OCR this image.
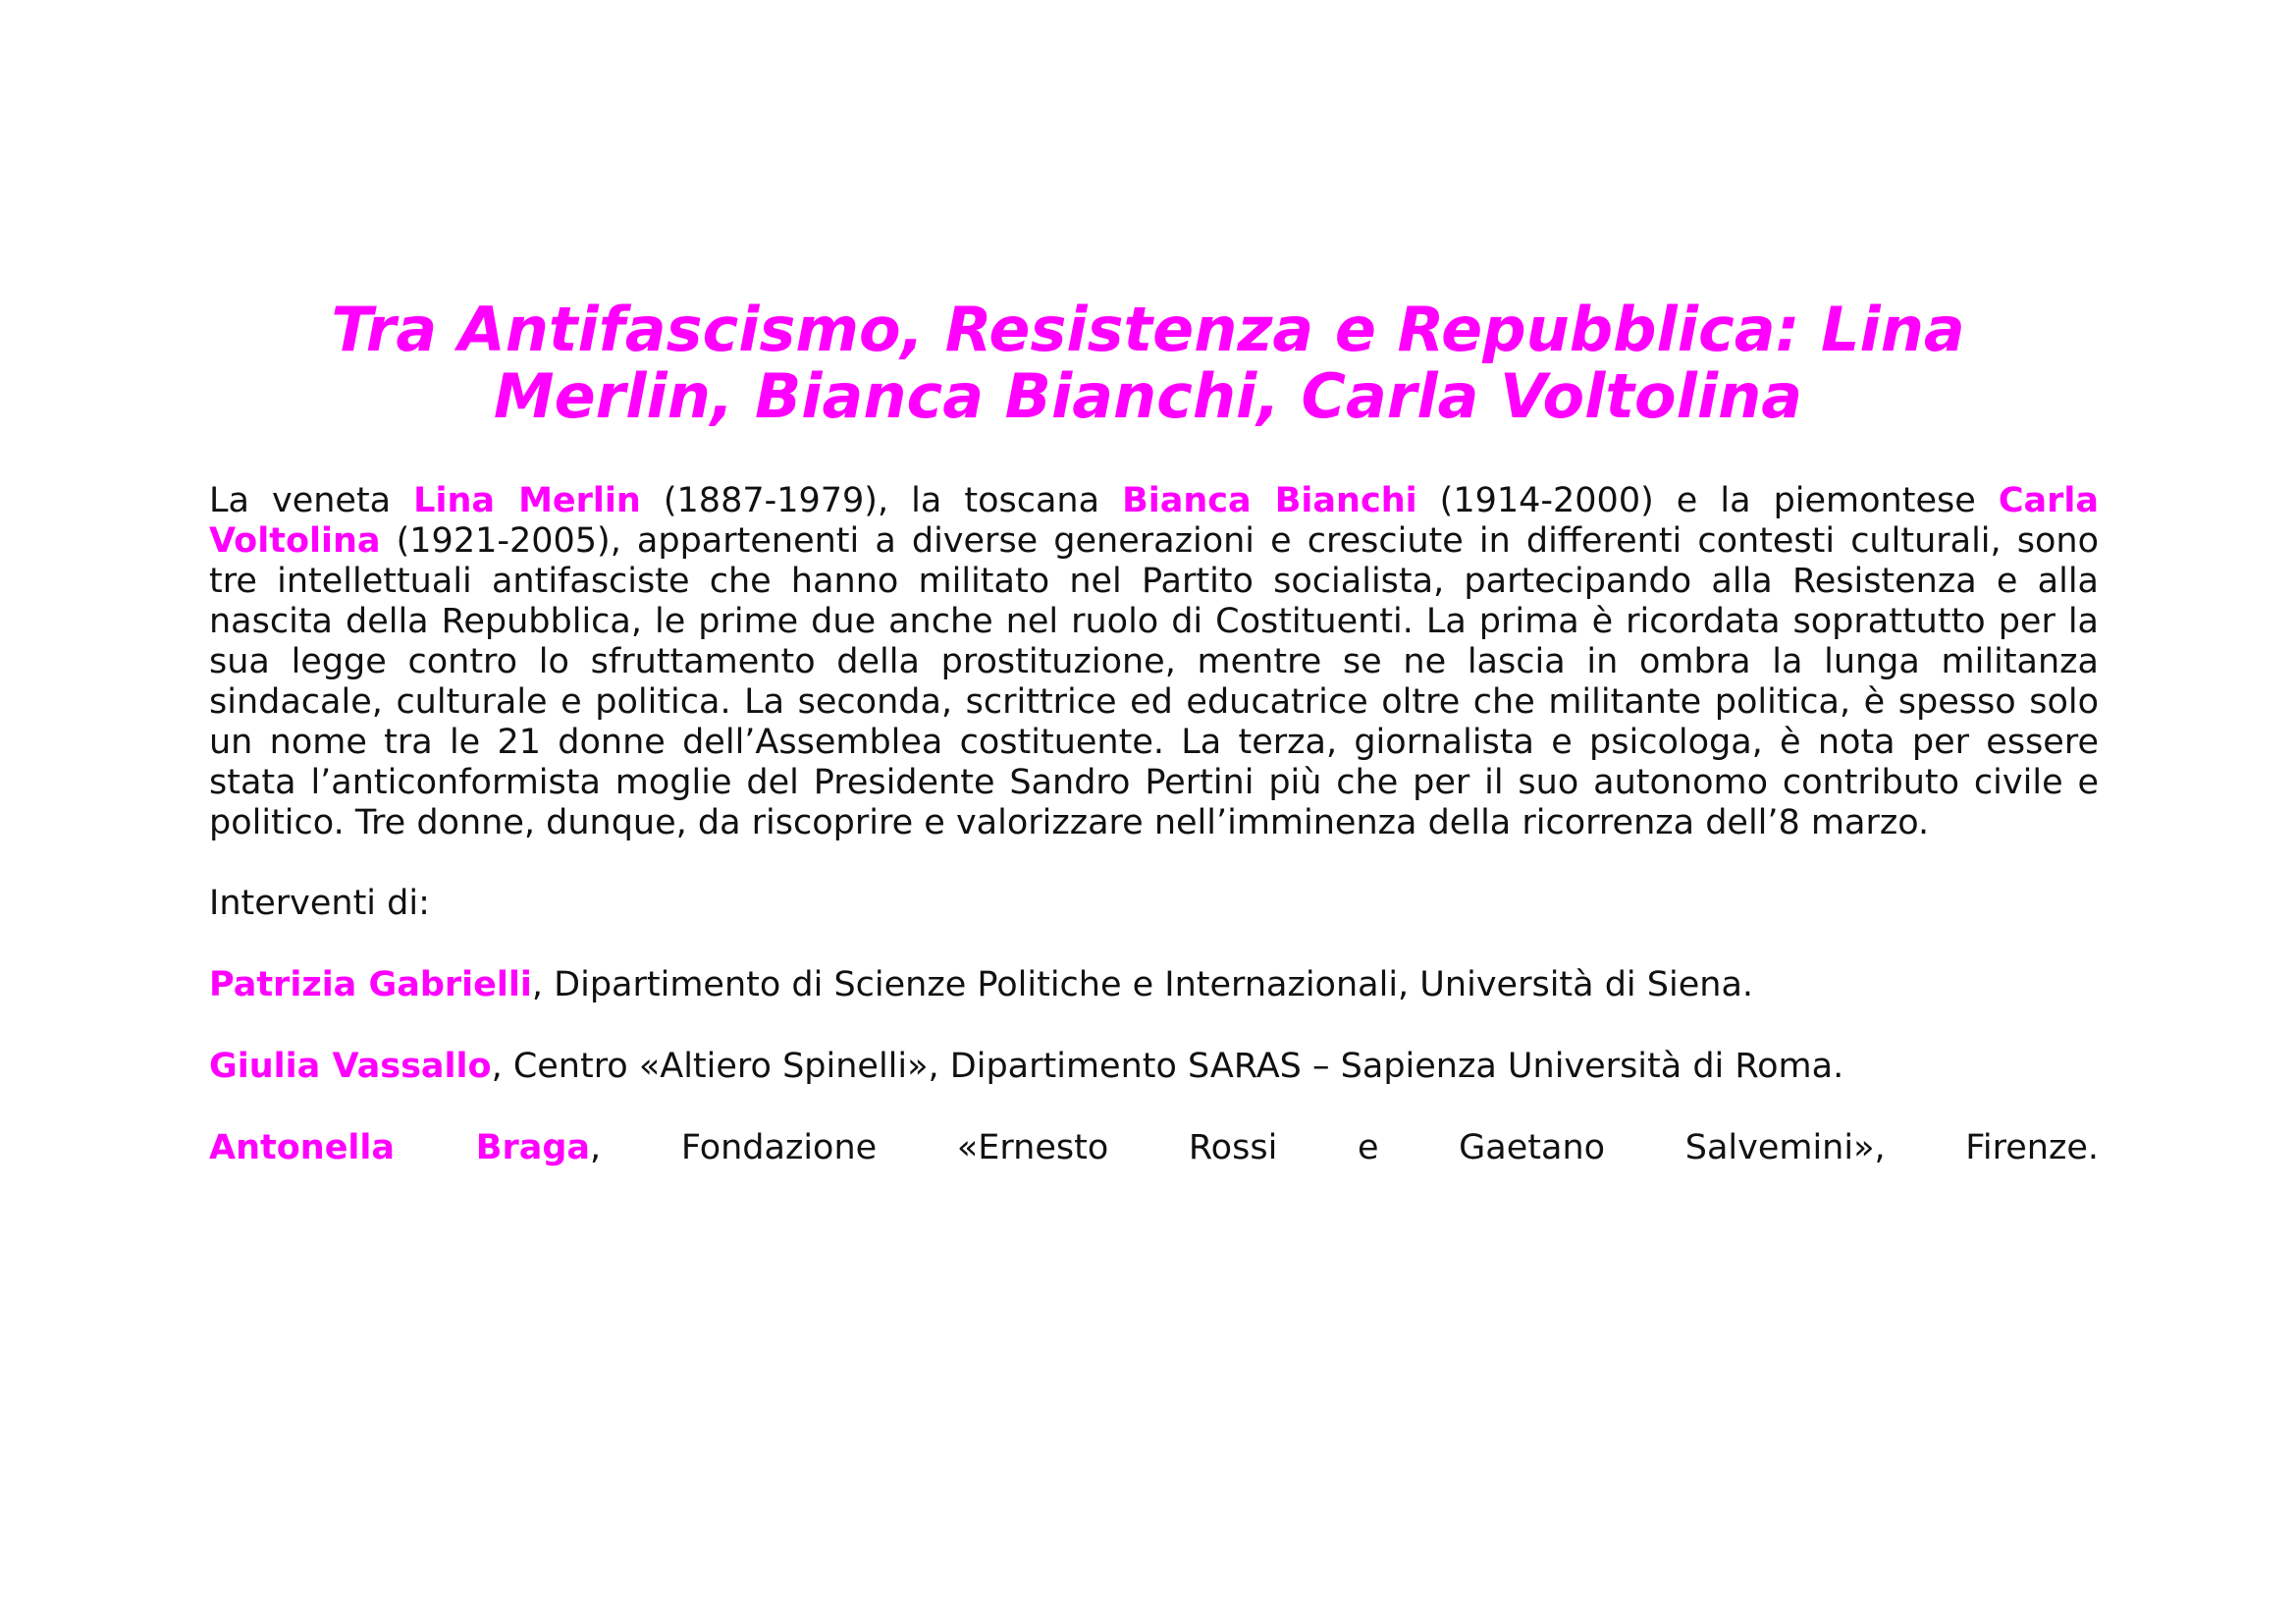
Tra Antifascismo, Resistenza e Repubblica: Lina
Merlin, Bianca Bianchi, Carla Voltolina

La veneta Lina Merlin (1887-1979), la toscana Bianca Bianchi (1914-2000) e la piemontese Carla Voltolina (1921-2005), appartenenti a diverse generazioni e cresciute in differenti contesti culturali, sono tre intellettuali antifasciste che hanno militato nel Partito socialista, partecipando alla Resistenza e alla nascita della Repubblica, le prime due anche nel ruolo di Costituenti. La prima è ricordata soprattutto per la sua legge contro lo sfruttamento della prostituzione, mentre se ne lascia in ombra la lunga militanza sindacale, culturale e politica. La seconda, scrittrice ed educatrice oltre che militante politica, è spesso solo un nome tra le 21 donne dell’Assemblea costituente. La terza, giornalista e psicologa, è nota per essere stata l’anticonformista moglie del Presidente Sandro Pertini più che per il suo autonomo contributo civile e politico. Tre donne, dunque, da riscoprire e valorizzare nell’imminenza della ricorrenza dell’8 marzo.

Interventi di:

Patrizia Gabrielli, Dipartimento di Scienze Politiche e Internazionali, Università di Siena.

Giulia Vassallo, Centro «Altiero Spinelli», Dipartimento SARAS – Sapienza Università di Roma.

Antonella Braga, Fondazione «Ernesto Rossi e Gaetano Salvemini», Firenze.
